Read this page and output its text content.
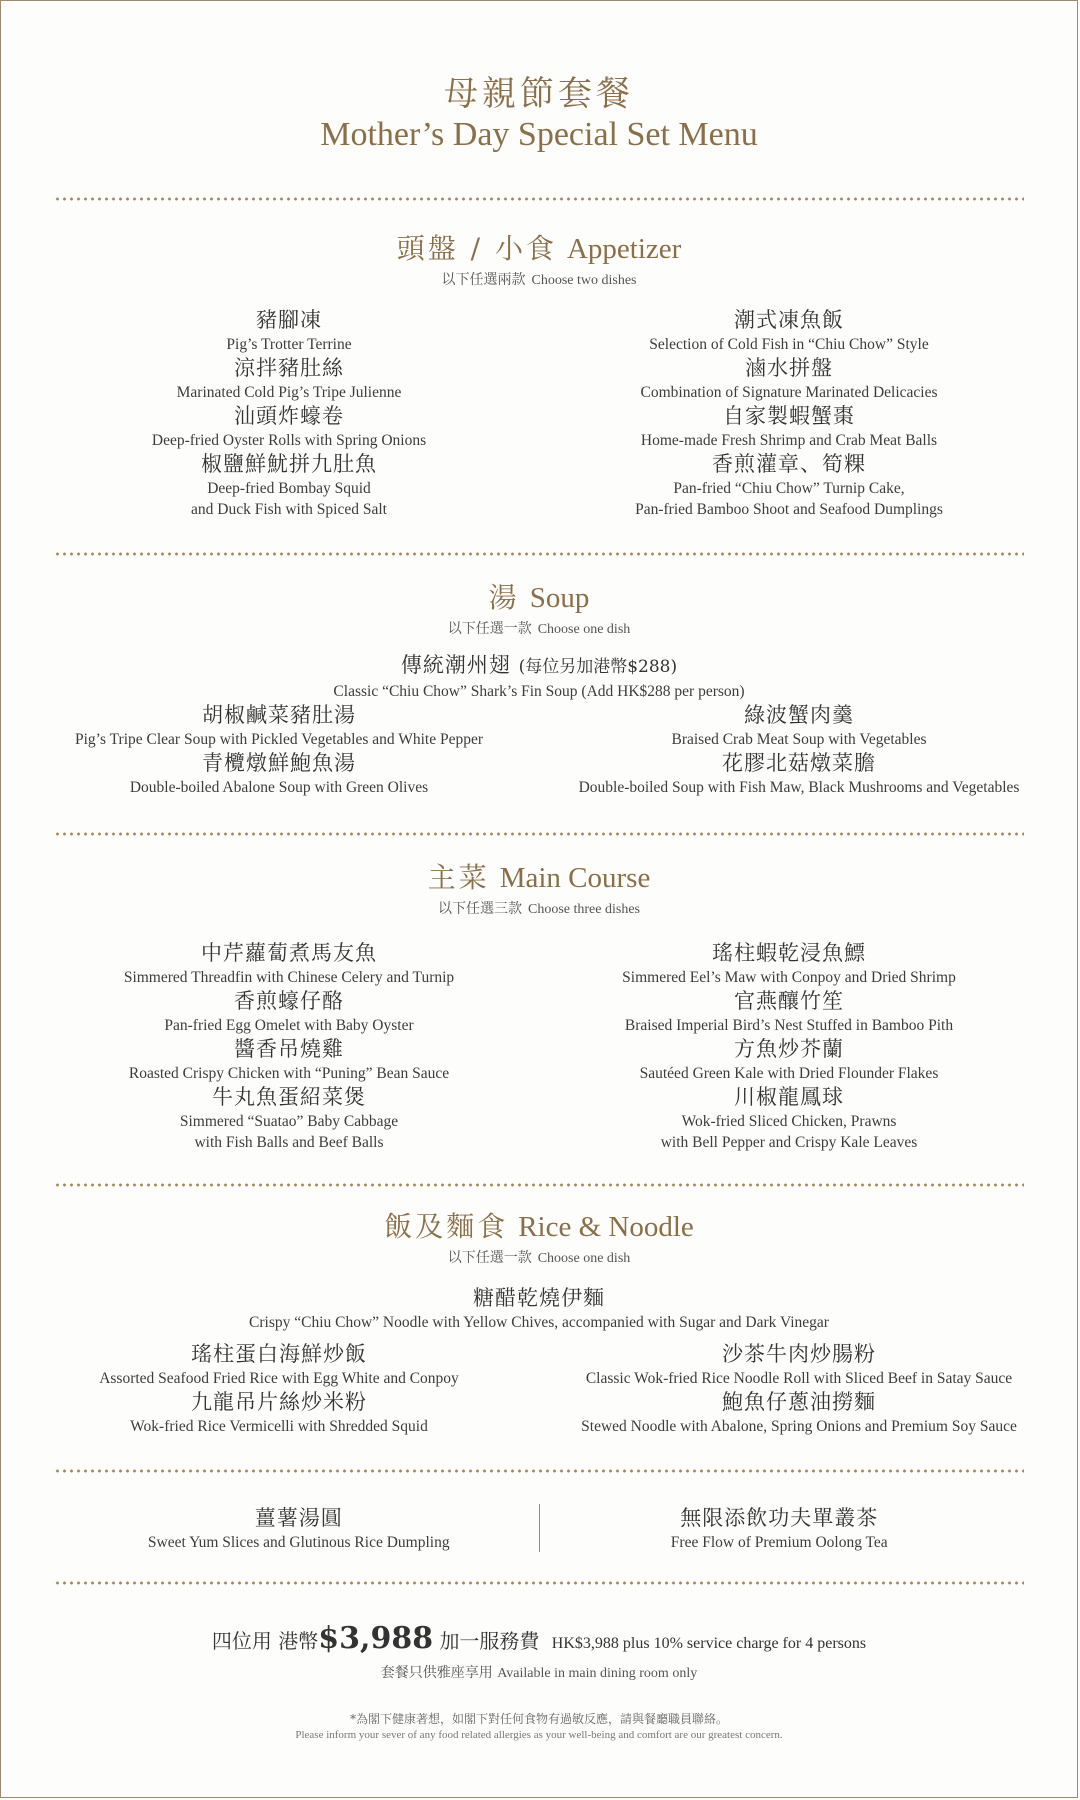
母親節套餐
Mother’s Day Special Set Menu
頭盤 / 小食 Appetizer
以下任選兩款 Choose two dishes
豬腳凍
Pig’s Trotter Terrine
涼拌豬肚絲
Marinated Cold Pig’s Tripe Julienne
汕頭炸蠔卷
Deep-fried Oyster Rolls with Spring Onions
椒鹽鮮魷拼九肚魚
Deep-fried Bombay Squid
and Duck Fish with Spiced Salt
潮式凍魚飯
Selection of Cold Fish in “Chiu Chow” Style
滷水拼盤
Combination of Signature Marinated Delicacies
自家製蝦蟹棗
Home-made Fresh Shrimp and Crab Meat Balls
香煎灌章、筍粿
Pan-fried “Chiu Chow” Turnip Cake,
Pan-fried Bamboo Shoot and Seafood Dumplings
湯 Soup
以下任選一款 Choose one dish
傳統潮州翅 (每位另加港幣$288)
Classic “Chiu Chow” Shark’s Fin Soup (Add HK$288 per person)
胡椒鹹菜豬肚湯
Pig’s Tripe Clear Soup with Pickled Vegetables and White Pepper
青欖燉鮮鮑魚湯
Double-boiled Abalone Soup with Green Olives
綠波蟹肉羹
Braised Crab Meat Soup with Vegetables
花膠北菇燉菜膽
Double-boiled Soup with Fish Maw, Black Mushrooms and Vegetables
主菜 Main Course
以下任選三款 Choose three dishes
中芹蘿蔔煮馬友魚
Simmered Threadfin with Chinese Celery and Turnip
香煎蠔仔酪
Pan-fried Egg Omelet with Baby Oyster
醬香吊燒雞
Roasted Crispy Chicken with “Puning” Bean Sauce
牛丸魚蛋紹菜煲
Simmered “Suatao” Baby Cabbage
with Fish Balls and Beef Balls
瑤柱蝦乾浸魚鰾
Simmered Eel’s Maw with Conpoy and Dried Shrimp
官燕釀竹笙
Braised Imperial Bird’s Nest Stuffed in Bamboo Pith
方魚炒芥蘭
Sautéed Green Kale with Dried Flounder Flakes
川椒龍鳳球
Wok-fried Sliced Chicken, Prawns
with Bell Pepper and Crispy Kale Leaves
飯及麵食 Rice & Noodle
以下任選一款 Choose one dish
糖醋乾燒伊麵
Crispy “Chiu Chow” Noodle with Yellow Chives, accompanied with Sugar and Dark Vinegar
瑤柱蛋白海鮮炒飯
Assorted Seafood Fried Rice with Egg White and Conpoy
九龍吊片絲炒米粉
Wok-fried Rice Vermicelli with Shredded Squid
沙茶牛肉炒腸粉
Classic Wok-fried Rice Noodle Roll with Sliced Beef in Satay Sauce
鮑魚仔蔥油撈麵
Stewed Noodle with Abalone, Spring Onions and Premium Soy Sauce
薑薯湯圓
Sweet Yum Slices and Glutinous Rice Dumpling
無限添飲功夫單叢茶
Free Flow of Premium Oolong Tea
四位用 港幣$3,988 加一服務費 HK$3,988 plus 10% service charge for 4 persons
套餐只供雅座享用 Available in main dining room only
*為閣下健康著想，如閣下對任何食物有過敏反應，請與餐廳職員聯絡。
Please inform your sever of any food related allergies as your well-being and comfort are our greatest concern.
